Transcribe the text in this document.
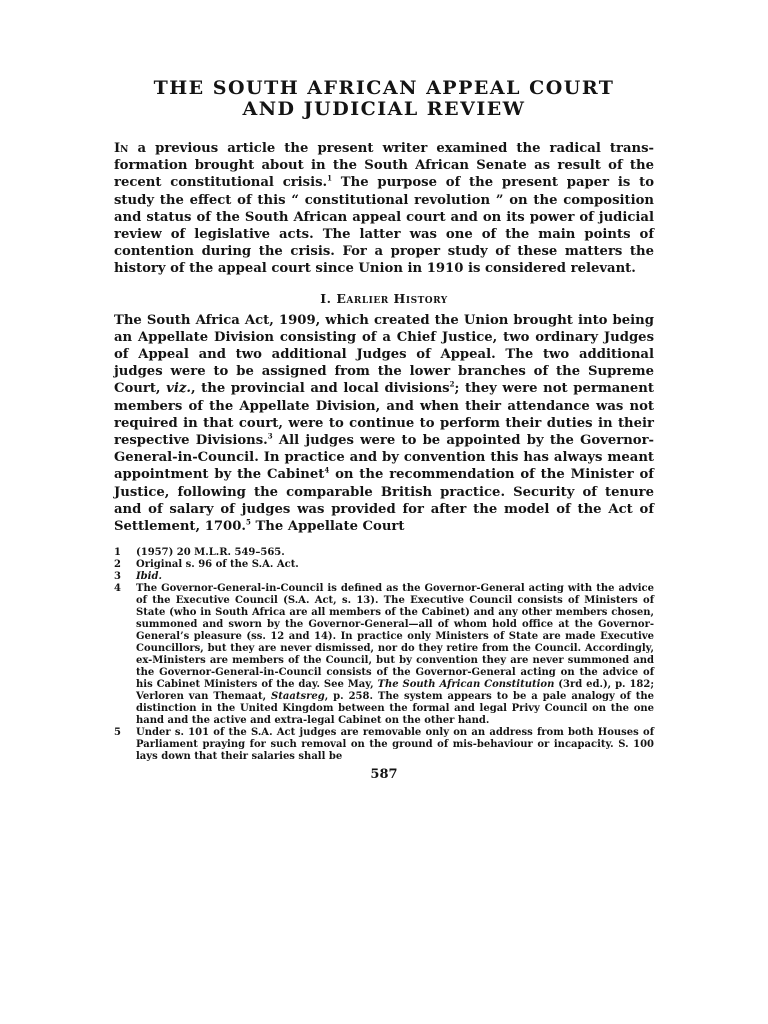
THE SOUTH AFRICAN APPEAL COURT
AND JUDICIAL REVIEW

In a previous article the present writer examined the radical trans-formation brought about in the South African Senate as result of the recent constitutional crisis.$^1$ The purpose of the present paper is to study the effect of this “ constitutional revolution ” on the composition and status of the South African appeal court and on its power of judicial review of legislative acts. The latter was one of the main points of contention during the crisis. For a proper study of these matters the history of the appeal court since Union in 1910 is considered relevant.

I. Earlier History

The South Africa Act, 1909, which created the Union brought into being an Appellate Division consisting of a Chief Justice, two ordinary Judges of Appeal and two additional Judges of Appeal. The two additional judges were to be assigned from the lower branches of the Supreme Court, viz., the provincial and local divisions$^2$; they were not permanent members of the Appellate Division, and when their attendance was not required in that court, were to continue to perform their duties in their respective Divisions.$^3$ All judges were to be appointed by the Governor-General-in-Council. In practice and by convention this has always meant appointment by the Cabinet$^4$ on the recommendation of the Minister of Justice, following the comparable British practice. Security of tenure and of salary of judges was provided for after the model of the Act of Settlement, 1700.$^5$ The Appellate Court

1	(1957) 20 M.L.R. 549–565.
2	Original s. 96 of the S.A. Act.
3	Ibid.
4	The Governor-General-in-Council is defined as the Governor-General acting with the advice of the Executive Council (S.A. Act, s. 13). The Executive Council consists of Ministers of State (who in South Africa are all members of the Cabinet) and any other members chosen, summoned and sworn by the Governor-General—all of whom hold office at the Governor-General’s pleasure (ss. 12 and 14). In practice only Ministers of State are made Executive Councillors, but they are never dismissed, nor do they retire from the Council. Accordingly, ex-Ministers are members of the Council, but by convention they are never summoned and the Governor-General-in-Council consists of the Governor-General acting on the advice of his Cabinet Ministers of the day. See May, The South African Constitution (3rd ed.), p. 182; Verloren van Themaat, Staatsreg, p. 258. The system appears to be a pale analogy of the distinction in the United Kingdom between the formal and legal Privy Council on the one hand and the active and extra-legal Cabinet on the other hand.
5	Under s. 101 of the S.A. Act judges are removable only on an address from both Houses of Parliament praying for such removal on the ground of mis-behaviour or incapacity. S. 100 lays down that their salaries shall be
587
